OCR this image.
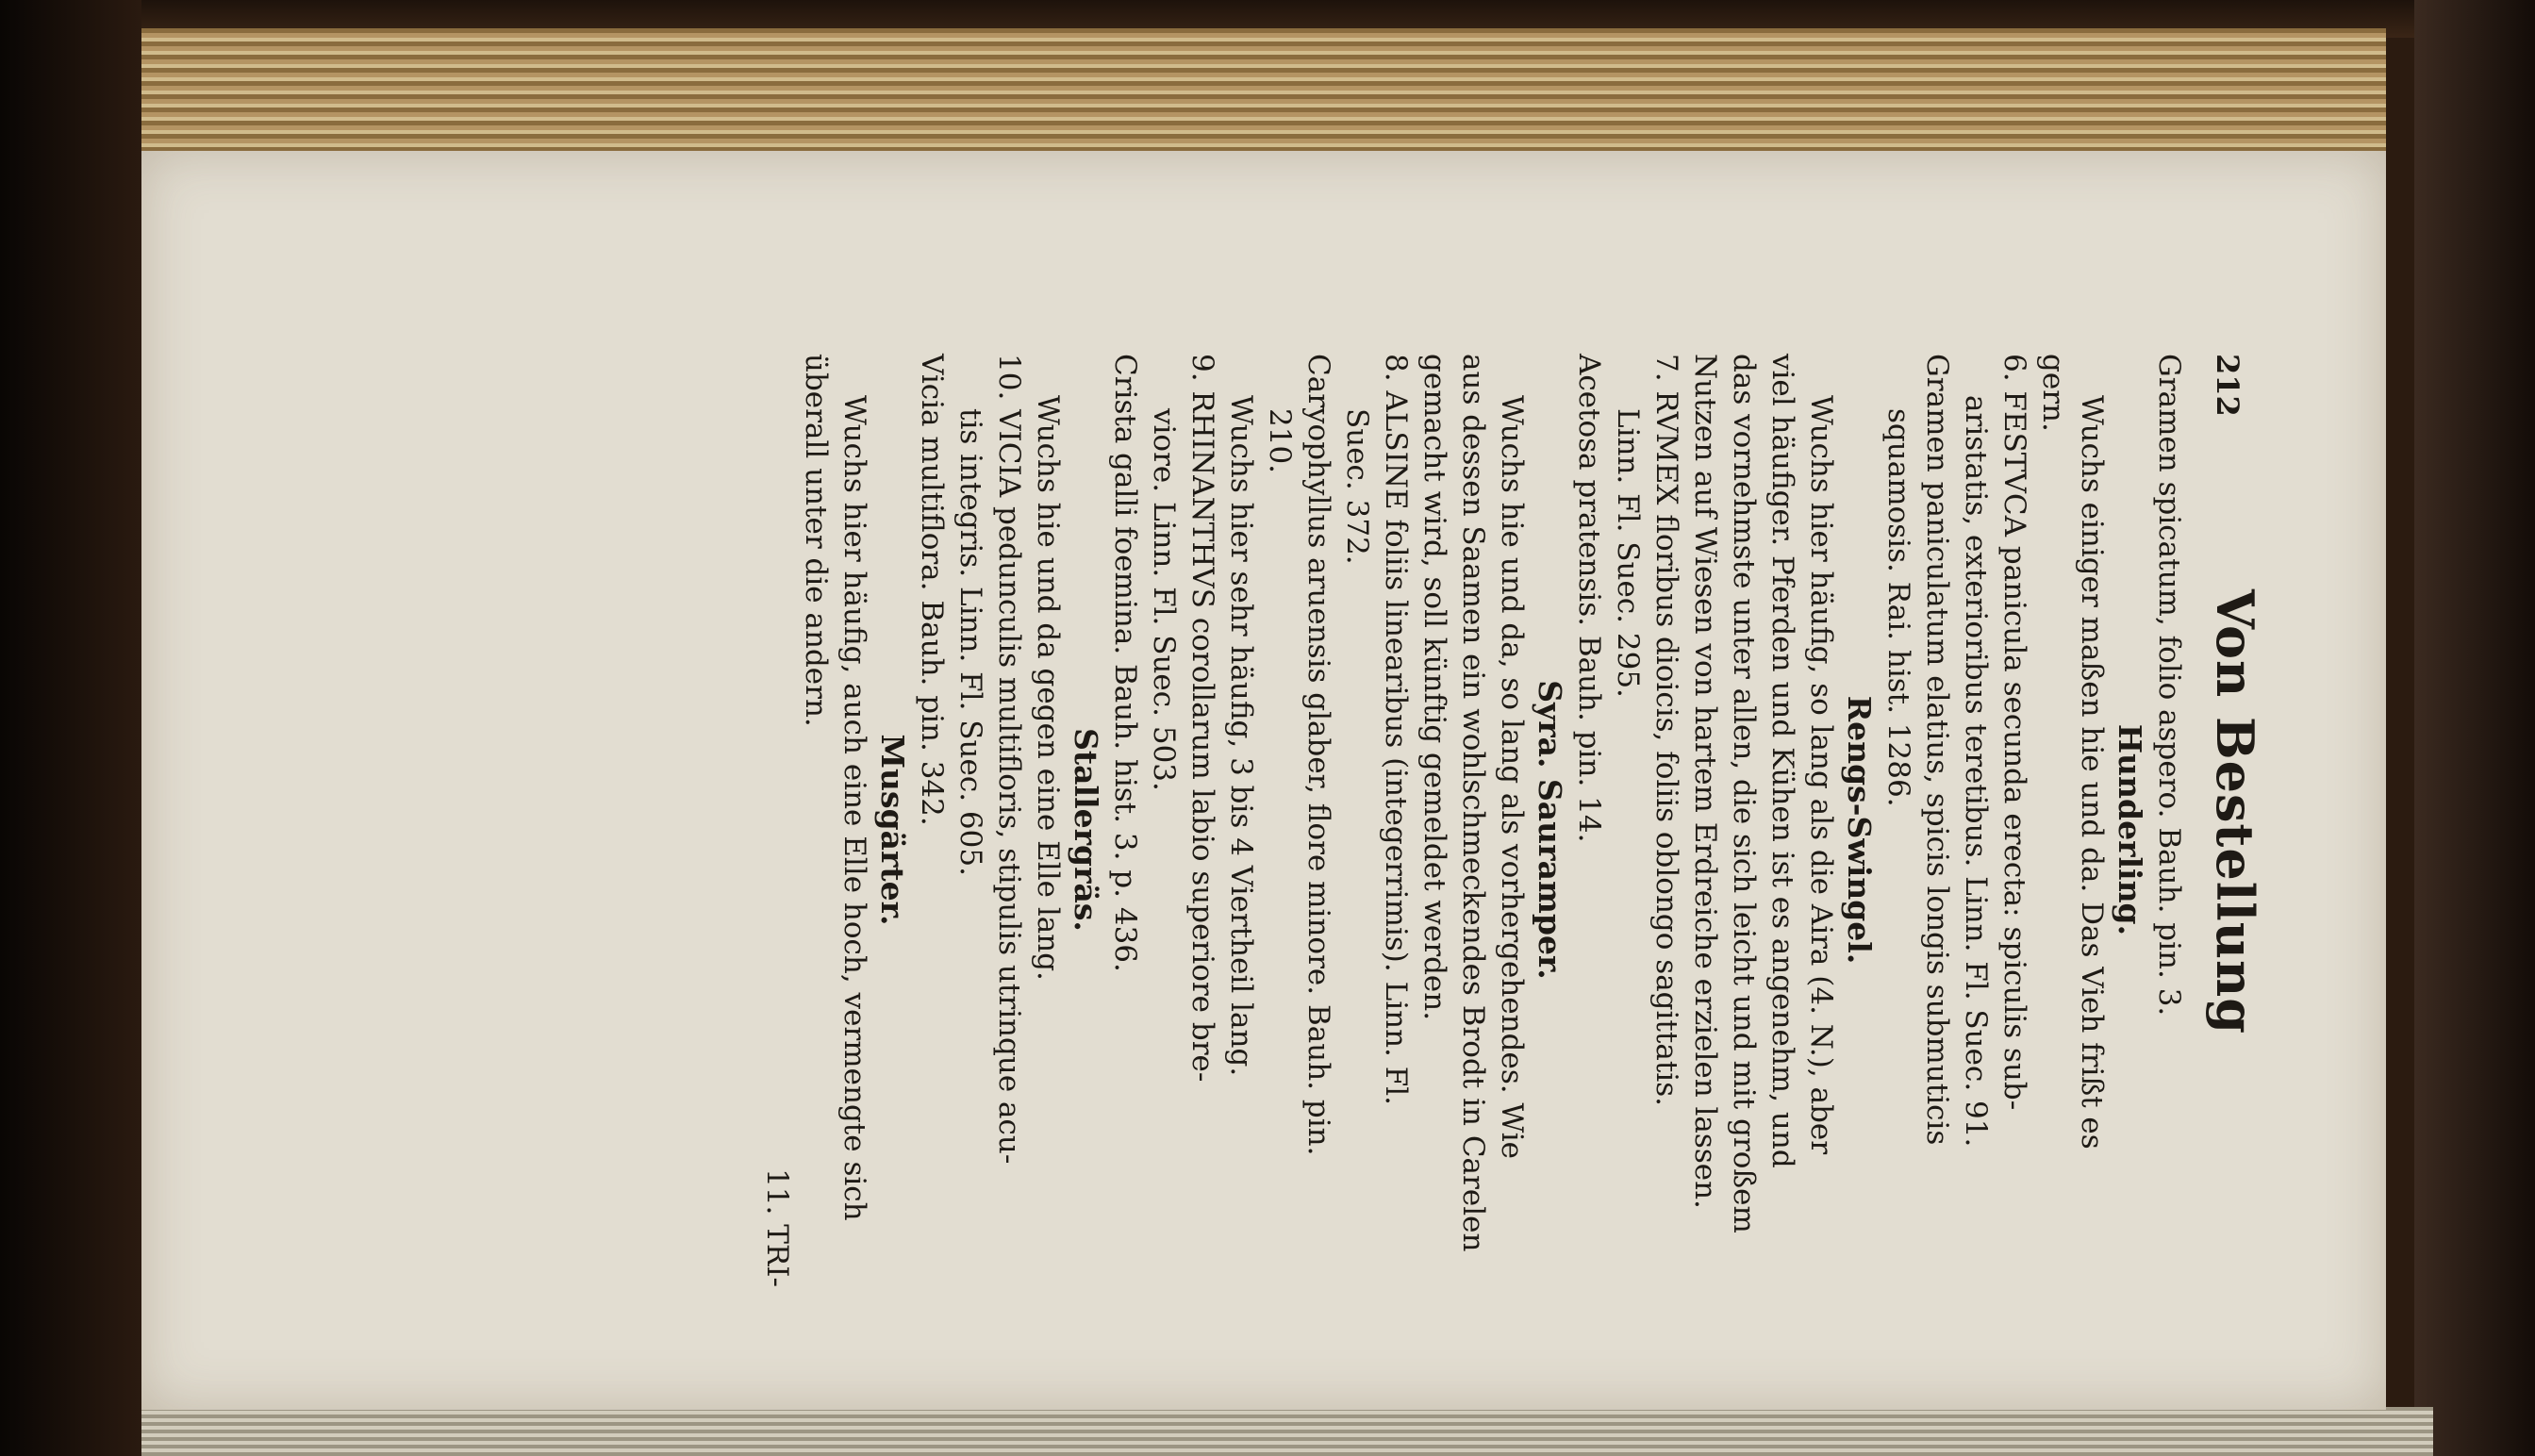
212
Von Bestellung
Gramen spicatum, folio aspero. Bauh. pin. 3.
Hunderling.
Wuchs einiger maßen hie und da. Das Vieh frißt es
gern.
6. FESTVCA panicula secunda erecta: spiculis sub-
aristatis, exterioribus teretibus. Linn. Fl. Suec. 91.
Gramen paniculatum elatius, spicis longis submuticis
squamosis. Rai. hist. 1286.
Rengs-Swingel.
Wuchs hier häufig, so lang als die Aira (4. N.), aber
viel häufiger. Pferden und Kühen ist es angenehm, und
das vornehmste unter allen, die sich leicht und mit großem
Nutzen auf Wiesen von hartem Erdreiche erzielen lassen.
7. RVMEX floribus dioicis, foliis oblongo sagittatis.
Linn. Fl. Suec. 295.
Acetosa pratensis. Bauh. pin. 14.
Syra. Sauramper.
Wuchs hie und da, so lang als vorhergehendes. Wie
aus dessen Saamen ein wohlschmeckendes Brodt in Carelen
gemacht wird, soll künftig gemeldet werden.
8. ALSINE foliis linearibus (integerrimis). Linn. Fl.
Suec. 372.
Caryophyllus aruensis glaber, flore minore. Bauh. pin.
210.
Wuchs hier sehr häufig, 3 bis 4 Viertheil lang.
9. RHINANTHVS corollarum labio superiore bre-
viore. Linn. Fl. Suec. 503.
Crista galli foemina. Bauh. hist. 3. p. 436.
Stallergräs.
Wuchs hie und da gegen eine Elle lang.
10. VICIA pedunculis multifloris, stipulis utrinque acu-
tis integris. Linn. Fl. Suec. 605.
Vicia multiflora. Bauh. pin. 342.
Musgärter.
Wuchs hier häufig, auch eine Elle hoch, vermengte sich
überall unter die andern.
11. TRI-
